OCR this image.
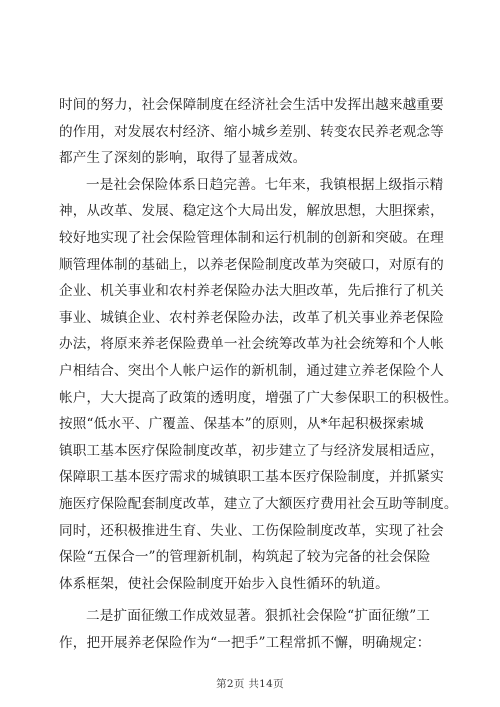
时间的努力，社会保障制度在经济社会生活中发挥出越来越重要
的作用，对发展农村经济、缩小城乡差别、转变农民养老观念等
都产生了深刻的影响，取得了显著成效。
一是社会保险体系日趋完善。七年来，我镇根据上级指示精
神，从改革、发展、稳定这个大局出发，解放思想，大胆探索，
较好地实现了社会保险管理体制和运行机制的创新和突破。在理
顺管理体制的基础上，以养老保险制度改革为突破口，对原有的
企业、机关事业和农村养老保险办法大胆改革，先后推行了机关
事业、城镇企业、农村养老保险办法，改革了机关事业养老保险
办法，将原来养老保险费单一社会统筹改革为社会统筹和个人帐
户相结合、突出个人帐户运作的新机制，通过建立养老保险个人
帐户，大大提高了政策的透明度，增强了广大参保职工的积极性。
按照“低水平、广覆盖、保基本”的原则，从*年起积极探索城
镇职工基本医疗保险制度改革，初步建立了与经济发展相适应，
保障职工基本医疗需求的城镇职工基本医疗保险制度，并抓紧实
施医疗保险配套制度改革，建立了大额医疗费用社会互助等制度。
同时，还积极推进生育、失业、工伤保险制度改革，实现了社会
保险“五保合一”的管理新机制，构筑起了较为完备的社会保险
体系框架，使社会保险制度开始步入良性循环的轨道。
二是扩面征缴工作成效显著。狠抓社会保险“扩面征缴”工
作，把开展养老保险作为“一把手”工程常抓不懈，明确规定：
第2页 共14页
